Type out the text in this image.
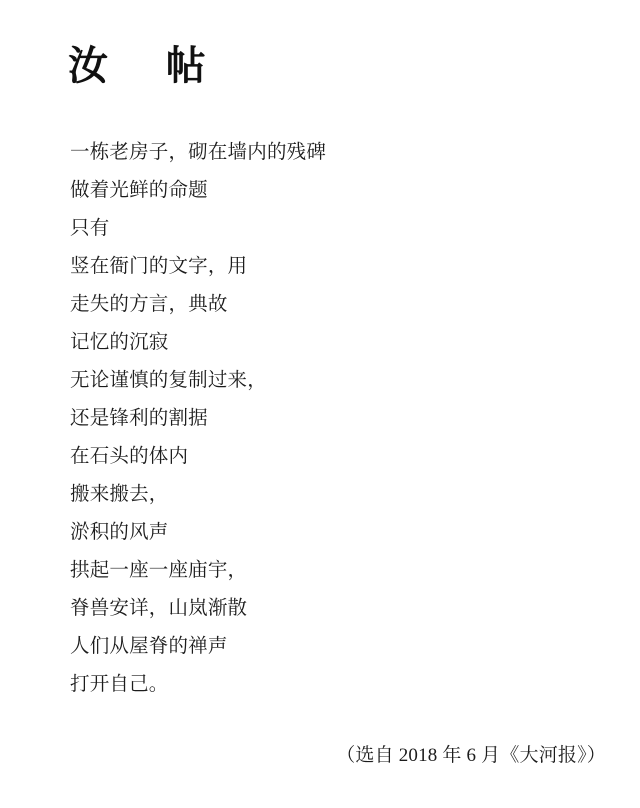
汝　帖
一栋老房子，砌在墙内的残碑
做着光鲜的命题
只有
竖在衙门的文字，用
走失的方言，典故
记忆的沉寂
无论谨慎的复制过来，
还是锋利的割据
在石头的体内
搬来搬去，
淤积的风声
拱起一座一座庙宇，
脊兽安详，山岚渐散
人们从屋脊的禅声
打开自己。
（选自 2018 年 6 月《大河报》）
